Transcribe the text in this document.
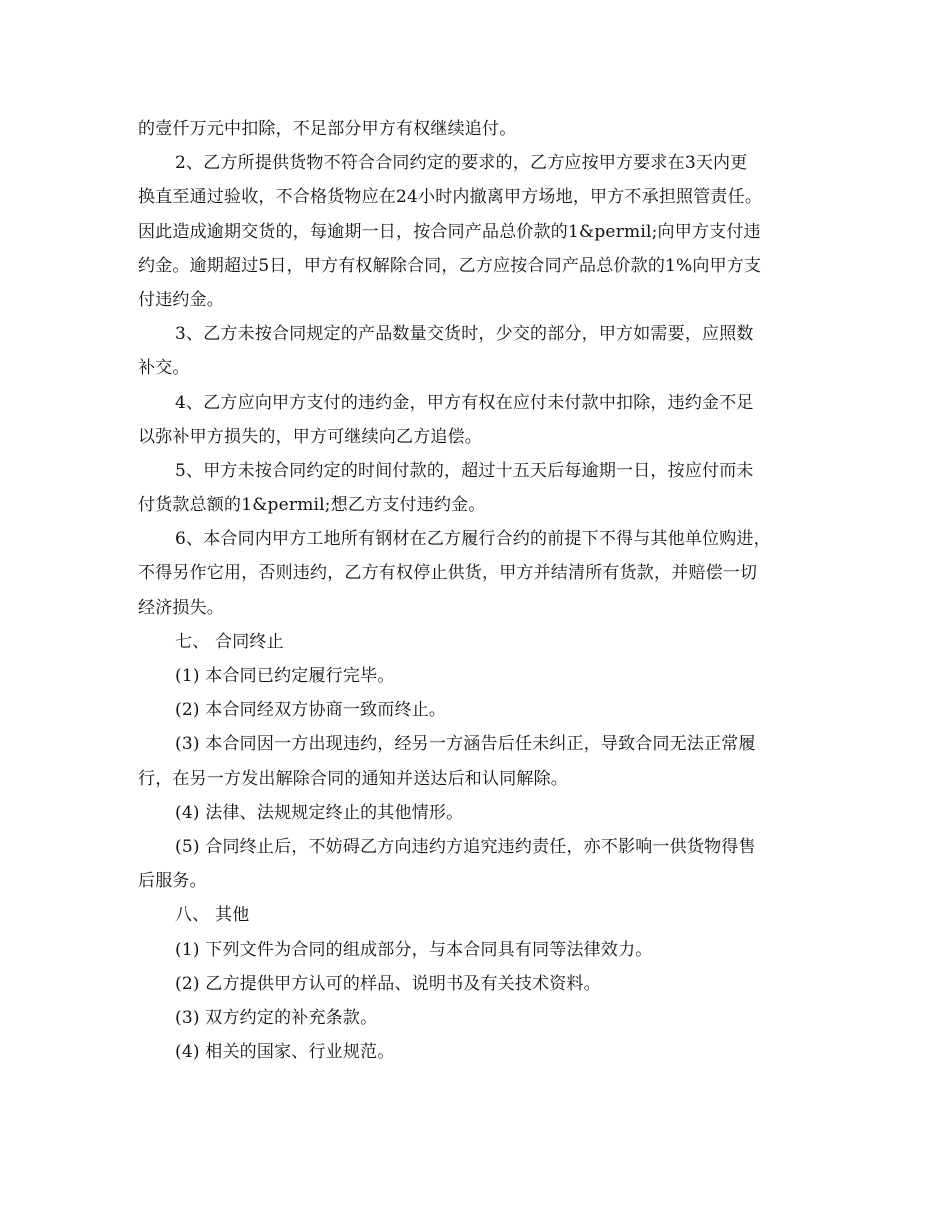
的壹仟万元中扣除，不足部分甲方有权继续追付。
2、乙方所提供货物不符合合同约定的要求的，乙方应按甲方要求在3天内更
换直至通过验收，不合格货物应在24小时内撤离甲方场地，甲方不承担照管责任。
因此造成逾期交货的，每逾期一日，按合同产品总价款的1&permil;向甲方支付违
约金。逾期超过5日，甲方有权解除合同，乙方应按合同产品总价款的1%向甲方支
付违约金。
3、乙方未按合同规定的产品数量交货时，少交的部分，甲方如需要，应照数
补交。
4、乙方应向甲方支付的违约金，甲方有权在应付未付款中扣除，违约金不足
以弥补甲方损失的，甲方可继续向乙方追偿。
5、甲方未按合同约定的时间付款的，超过十五天后每逾期一日，按应付而未
付货款总额的1&permil;想乙方支付违约金。
6、本合同内甲方工地所有钢材在乙方履行合约的前提下不得与其他单位购进，
不得另作它用，否则违约，乙方有权停止供货，甲方并结清所有货款，并赔偿一切
经济损失。
七、 合同终止
(1) 本合同已约定履行完毕。
(2) 本合同经双方协商一致而终止。
(3) 本合同因一方出现违约，经另一方涵告后任未纠正，导致合同无法正常履
行，在另一方发出解除合同的通知并送达后和认同解除。
(4) 法律、法规规定终止的其他情形。
(5) 合同终止后，不妨碍乙方向违约方追究违约责任，亦不影响一供货物得售
后服务。
八、 其他
(1) 下列文件为合同的组成部分，与本合同具有同等法律效力。
(2) 乙方提供甲方认可的样品、说明书及有关技术资料。
(3) 双方约定的补充条款。
(4) 相关的国家、行业规范。
